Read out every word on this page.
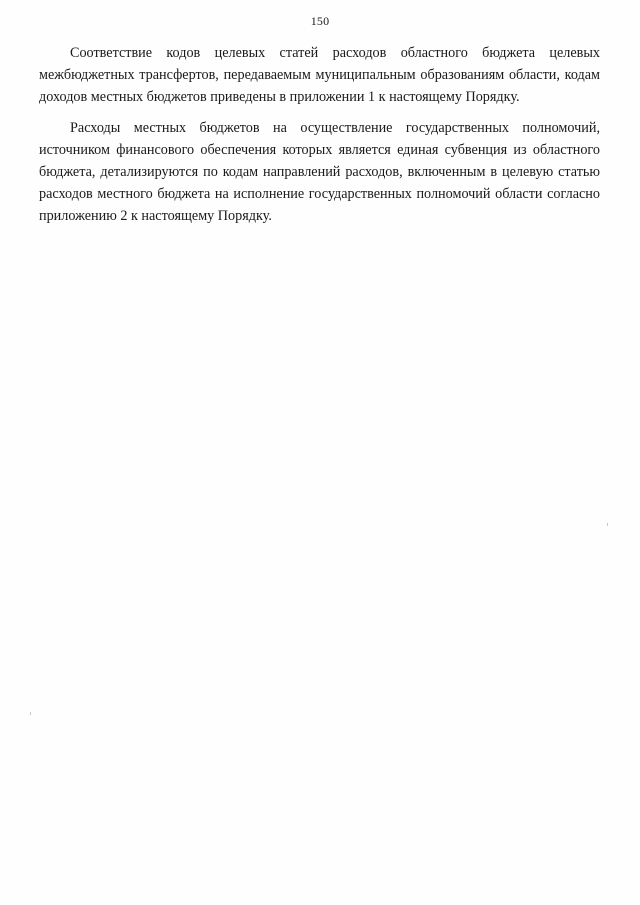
150

Соответствие кодов целевых статей расходов областного бюджета целевых межбюджетных трансфертов, передаваемым муниципальным образованиям области, кодам доходов местных бюджетов приведены в приложении 1 к настоящему Порядку.

Расходы местных бюджетов на осуществление государственных полномочий, источником финансового обеспечения которых является единая субвенция из областного бюджета, детализируются по кодам направлений расходов, включенным в целевую статью расходов местного бюджета на исполнение государственных полномочий области согласно приложению 2 к настоящему Порядку.
